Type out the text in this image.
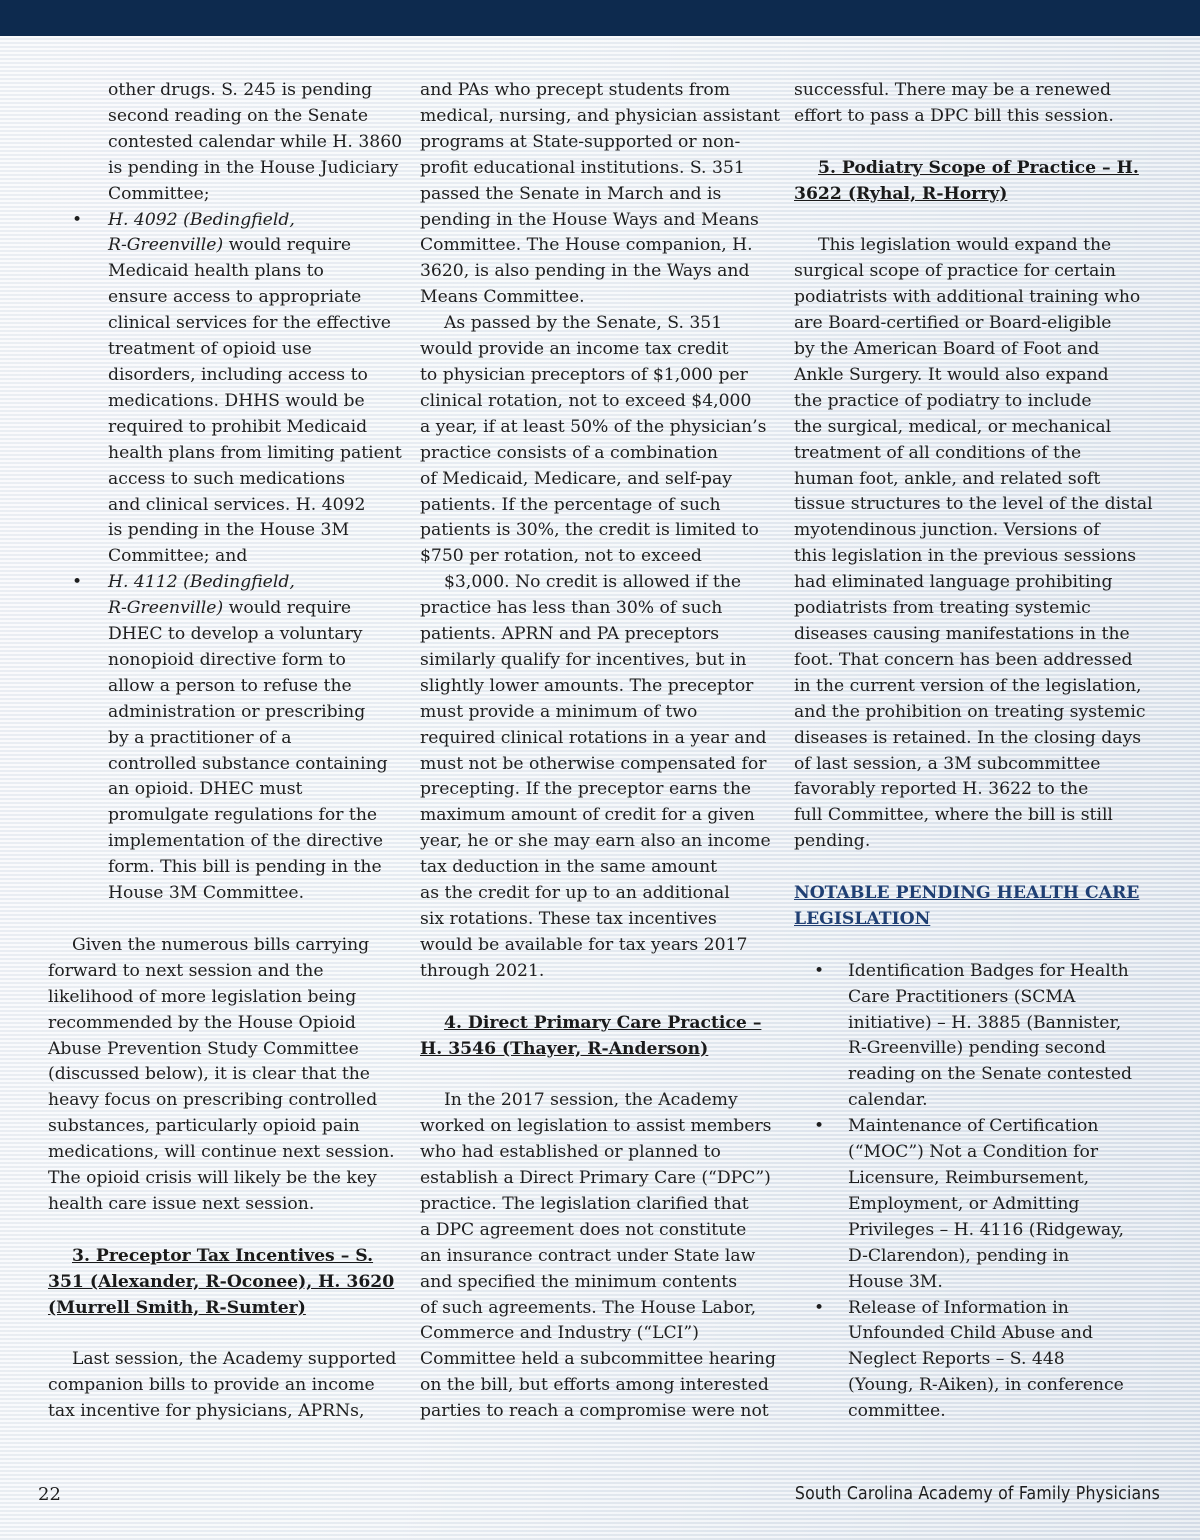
other drugs. S. 245 is pending

second reading on the Senate

contested calendar while H. 3860

is pending in the House Judiciary

Committee;

• H. 4092 (Bedingfield,

R-Greenville) would require

Medicaid health plans to

ensure access to appropriate

clinical services for the effective

treatment of opioid use

disorders, including access to

medications. DHHS would be

required to prohibit Medicaid

health plans from limiting patient

access to such medications

and clinical services. H. 4092

is pending in the House 3M

Committee; and

• H. 4112 (Bedingfield,

R-Greenville) would require

DHEC to develop a voluntary

nonopioid directive form to

allow a person to refuse the

administration or prescribing

by a practitioner of a

controlled substance containing

an opioid. DHEC must

promulgate regulations for the

implementation of the directive

form. This bill is pending in the

House 3M Committee.

Given the numerous bills carrying

forward to next session and the

likelihood of more legislation being

recommended by the House Opioid

Abuse Prevention Study Committee

(discussed below), it is clear that the

heavy focus on prescribing controlled

substances, particularly opioid pain

medications, will continue next session.

The opioid crisis will likely be the key

health care issue next session.

3. Preceptor Tax Incentives – S.

351 (Alexander, R-Oconee), H. 3620

(Murrell Smith, R-Sumter)

Last session, the Academy supported

companion bills to provide an income

tax incentive for physicians, APRNs,

and PAs who precept students from

medical, nursing, and physician assistant

programs at State-supported or non-

profit educational institutions. S. 351

passed the Senate in March and is

pending in the House Ways and Means

Committee. The House companion, H.

3620, is also pending in the Ways and

Means Committee.

As passed by the Senate, S. 351

would provide an income tax credit

to physician preceptors of $1,000 per

clinical rotation, not to exceed $4,000

a year, if at least 50% of the physician’s

practice consists of a combination

of Medicaid, Medicare, and self-pay

patients. If the percentage of such

patients is 30%, the credit is limited to

$750 per rotation, not to exceed

$3,000. No credit is allowed if the

practice has less than 30% of such

patients. APRN and PA preceptors

similarly qualify for incentives, but in

slightly lower amounts. The preceptor

must provide a minimum of two

required clinical rotations in a year and

must not be otherwise compensated for

precepting. If the preceptor earns the

maximum amount of credit for a given

year, he or she may earn also an income

tax deduction in the same amount

as the credit for up to an additional

six rotations. These tax incentives

would be available for tax years 2017

through 2021.

4. Direct Primary Care Practice –

H. 3546 (Thayer, R-Anderson)

In the 2017 session, the Academy

worked on legislation to assist members

who had established or planned to

establish a Direct Primary Care (“DPC”)

practice. The legislation clarified that

a DPC agreement does not constitute

an insurance contract under State law

and specified the minimum contents

of such agreements. The House Labor,

Commerce and Industry (“LCI”)

Committee held a subcommittee hearing

on the bill, but efforts among interested

parties to reach a compromise were not

successful. There may be a renewed

effort to pass a DPC bill this session.

5. Podiatry Scope of Practice – H.

3622 (Ryhal, R-Horry)

This legislation would expand the

surgical scope of practice for certain

podiatrists with additional training who

are Board-certified or Board-eligible

by the American Board of Foot and

Ankle Surgery. It would also expand

the practice of podiatry to include

the surgical, medical, or mechanical

treatment of all conditions of the

human foot, ankle, and related soft

tissue structures to the level of the distal

myotendinous junction. Versions of

this legislation in the previous sessions

had eliminated language prohibiting

podiatrists from treating systemic

diseases causing manifestations in the

foot. That concern has been addressed

in the current version of the legislation,

and the prohibition on treating systemic

diseases is retained. In the closing days

of last session, a 3M subcommittee

favorably reported H. 3622 to the

full Committee, where the bill is still

pending.

NOTABLE PENDING HEALTH CARE

LEGISLATION

• Identification Badges for Health

Care Practitioners (SCMA

initiative) – H. 3885 (Bannister,

R-Greenville) pending second

reading on the Senate contested

calendar.

• Maintenance of Certification

(“MOC”) Not a Condition for

Licensure, Reimbursement,

Employment, or Admitting

Privileges – H. 4116 (Ridgeway,

D-Clarendon), pending in

House 3M.

• Release of Information in

Unfounded Child Abuse and

Neglect Reports – S. 448

(Young, R-Aiken), in conference

committee.

22	South Carolina Academy of Family Physicians
